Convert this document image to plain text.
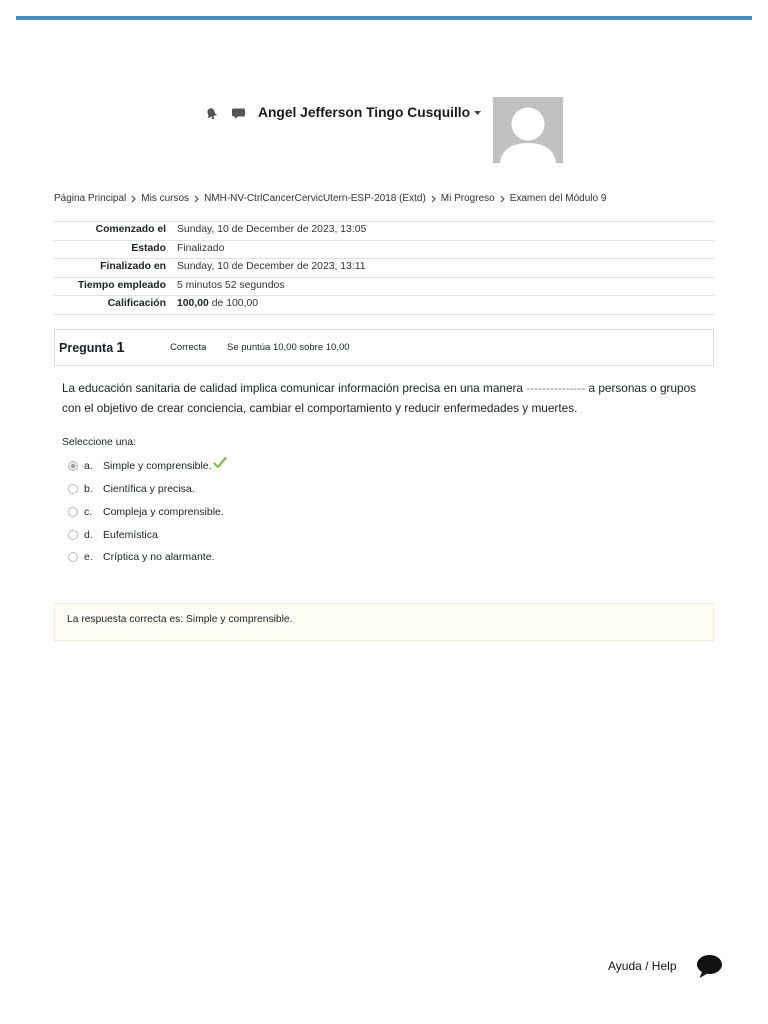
Angel Jefferson Tingo Cusquillo
Página Principal Mis cursos NMH-NV-CtrlCancerCervicUtern-ESP-2018 (Extd) Mi Progreso Examen del Módulo 9
Comenzado el	Sunday, 10 de December de 2023, 13:05
Estado	Finalizado
Finalizado en	Sunday, 10 de December de 2023, 13:11
Tiempo empleado	5 minutos 52 segundos
Calificación	100,00 de 100,00
Pregunta 1	Correcta Se puntúa 10,00 sobre 10,00
La educación sanitaria de calidad implica comunicar información precisa en una manera --------------- a personas o grupos con el objetivo de crear conciencia, cambiar el comportamiento y reducir enfermedades y muertes.
Seleccione una:
a. Simple y comprensible.
b. Científica y precisa.
c.	Compleja y comprensible.
d. Eufemística
e. Críptica y no alarmante.
La respuesta correcta es: Simple y comprensible.
Ayuda / Help
